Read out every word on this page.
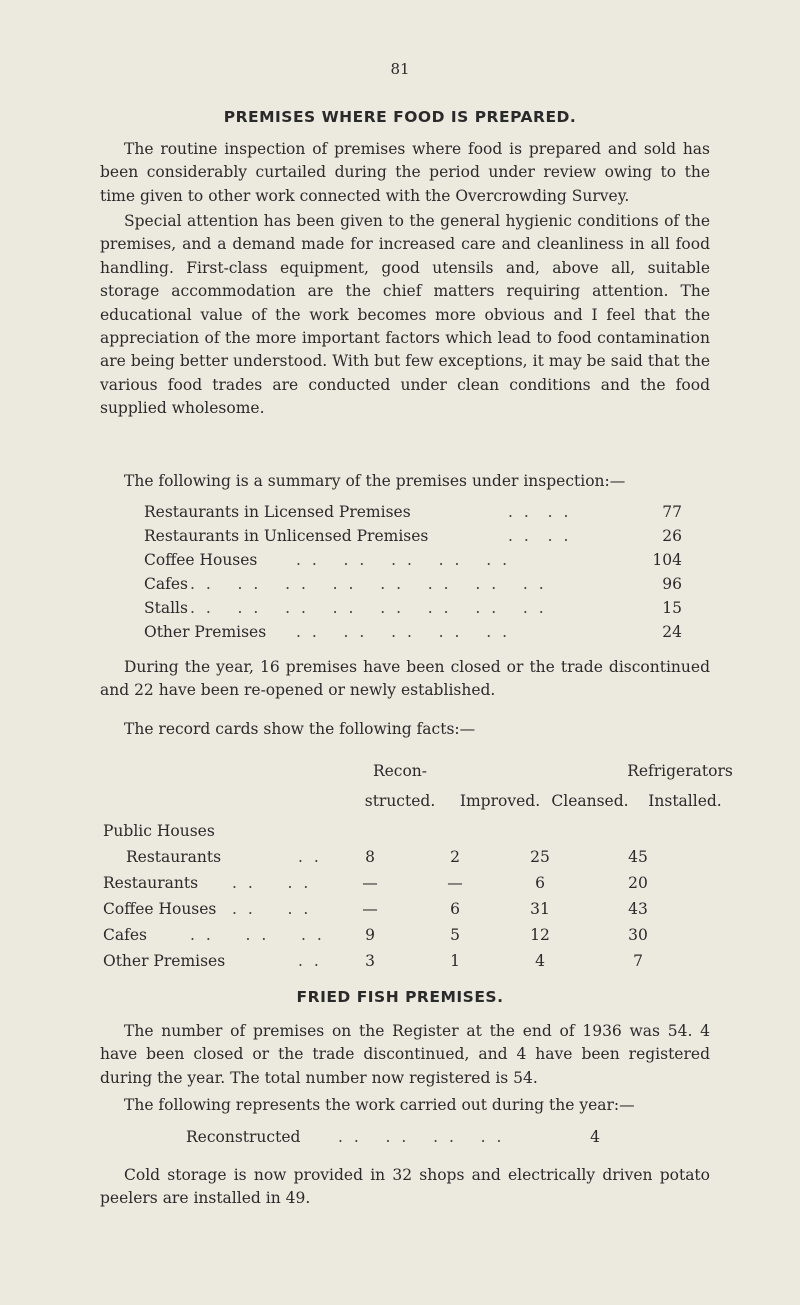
81
PREMISES WHERE FOOD IS PREPARED.

The routine inspection of premises where food is prepared and sold has been considerably curtailed during the period under review owing to the time given to other work connected with the Overcrowding Survey.

Special attention has been given to the general hygienic conditions of the premises, and a demand made for increased care and cleanliness in all food handling. First-class equipment, good utensils and, above all, suitable storage accommodation are the chief matters requiring attention. The educational value of the work becomes more obvious and I feel that the appreciation of the more important factors which lead to food contamination are being better understood. With but few exceptions, it may be said that the various food trades are conducted under clean conditions and the food supplied wholesome.

The following is a summary of the premises under inspection:—

Restaurants in Licensed Premises	. .  . .	77
Restaurants in Unlicensed Premises	. .  . .	26
Coffee Houses . .   . .   . .   . .   . .	104
Cafes . .   . .   . .   . .   . .   . .   . .   . .	96
Stalls . .   . .   . .   . .   . .   . .   . .   . .	15
Other Premises . .   . .   . .   . .   . .	24

During the year, 16 premises have been closed or the trade discontinued and 22 have been re-opened or newly established.

The record cards show the following facts:—

Recon-
structed.	Improved. Cleansed.
Refrigerators
Installed.
Public Houses
Restaurants	. .	8	2	25	45
Restaurants . .    . .	—	—	6	20
Coffee Houses . .    . .	—	6	31	43
Cafes	. .    . .    . .	9	5	12	30
Other Premises	. .	3	1	4	7
FRIED FISH PREMISES.

The number of premises on the Register at the end of 1936 was 54. 4 have been closed or the trade discontinued, and 4 have been registered during the year. The total number now registered is 54.

The following represents the work carried out during the year:—

Reconstructed . .   . .   . .   . .	4

Cold storage is now provided in 32 shops and electrically driven potato peelers are installed in 49.
